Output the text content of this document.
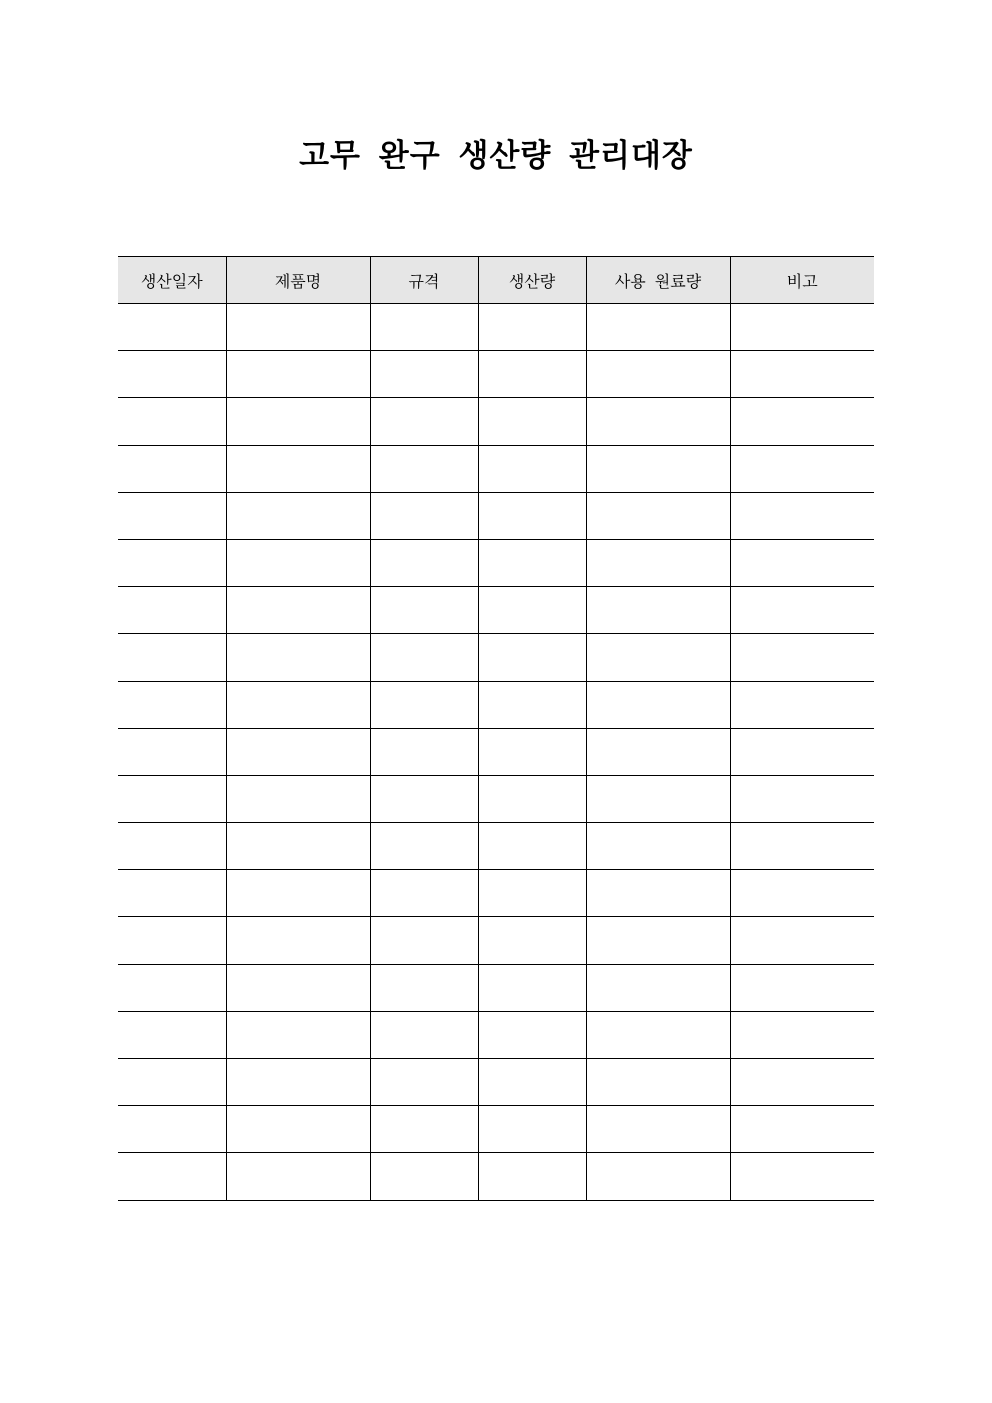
고무 완구 생산량 관리대장
생산일자	제품명	규격	생산량	사용 원료량	비고
